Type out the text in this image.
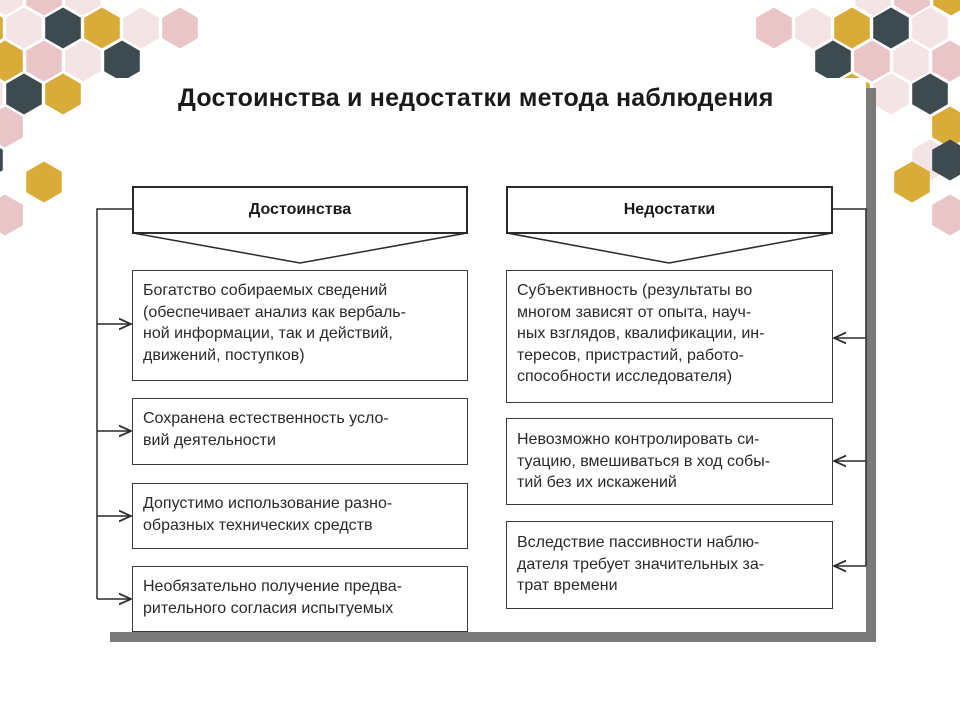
Достоинства и недостатки метода наблюдения
Достоинства	Недостатки
Богатство собираемых сведений
(обеспечивает анализ как вербаль-
ной информации, так и действий,
движений, поступков)
Сохранена естественность усло-
вий деятельности
Допустимо использование разно-
образных технических средств
Необязательно получение предва-
рительного согласия испытуемых
Субъективность (результаты во
многом зависят от опыта, науч-
ных взглядов, квалификации, ин-
тересов, пристрастий, работо-
способности исследователя)
Невозможно контролировать си-
туацию, вмешиваться в ход собы-
тий без их искажений
Вследствие пассивности наблю-
дателя требует значительных за-
трат времени
